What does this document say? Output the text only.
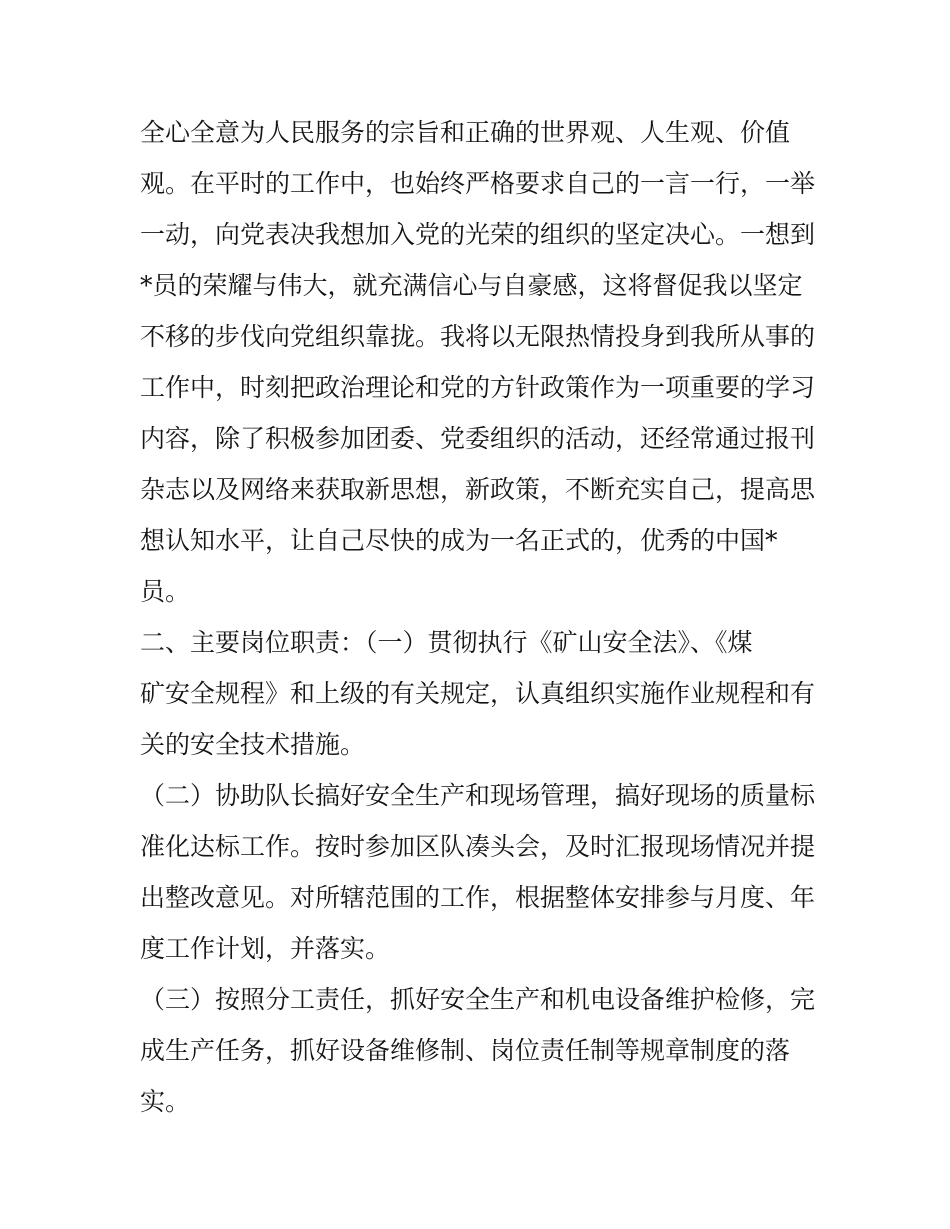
全心全意为人民服务的宗旨和正确的世界观、人生观、价值
观。在平时的工作中，也始终严格要求自己的一言一行，一举
一动，向党表决我想加入党的光荣的组织的坚定决心。一想到
*员的荣耀与伟大，就充满信心与自豪感，这将督促我以坚定
不移的步伐向党组织靠拢。我将以无限热情投身到我所从事的
工作中，时刻把政治理论和党的方针政策作为一项重要的学习
内容，除了积极参加团委、党委组织的活动，还经常通过报刊
杂志以及网络来获取新思想，新政策，不断充实自己，提高思
想认知水平，让自己尽快的成为一名正式的，优秀的中国*
员。
二、主要岗位职责：（一）贯彻执行《矿山安全法》、《煤
矿安全规程》和上级的有关规定，认真组织实施作业规程和有
关的安全技术措施。
（二）协助队长搞好安全生产和现场管理，搞好现场的质量标
准化达标工作。按时参加区队凑头会，及时汇报现场情况并提
出整改意见。对所辖范围的工作，根据整体安排参与月度、年
度工作计划，并落实。
（三）按照分工责任，抓好安全生产和机电设备维护检修，完
成生产任务，抓好设备维修制、岗位责任制等规章制度的落
实。
